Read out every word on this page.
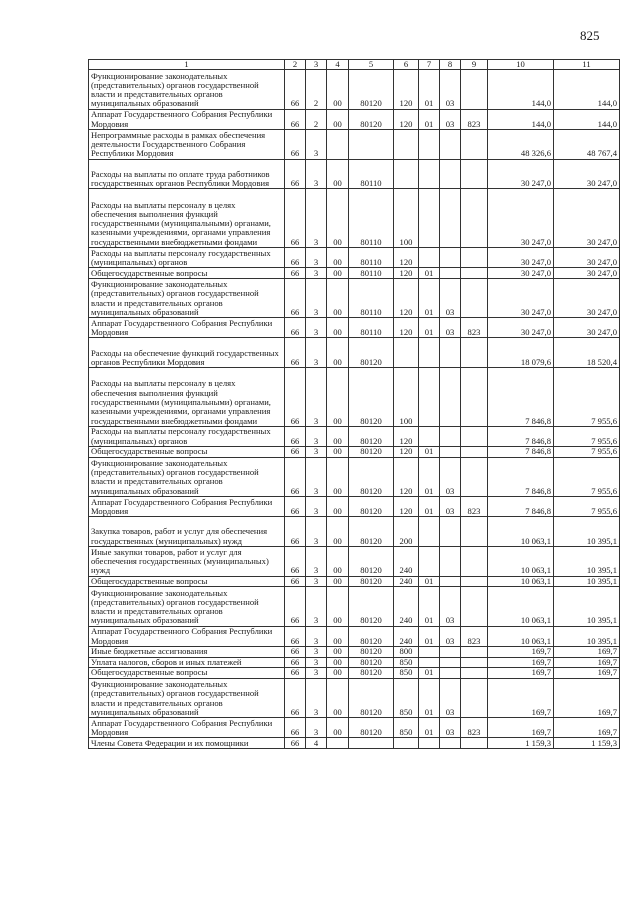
825
1	2	3	4	5	6	7	8	9	10	11
Функционирование законодательных (представительных) органов государственной власти и представительных органов муниципальных образований	66	2	00	80120	120	01	03		144,0	144,0
Аппарат Государственного Собрания Республики Мордовия	66	2	00	80120	120	01	03	823	144,0	144,0
Непрограммные расходы в рамках обеспечения деятельности Государственного Собрания Республики Мордовия	66	3							48 326,6	48 767,4
Расходы на выплаты по оплате труда работников государственных органов Республики Мордовия	66	3	00	80110					30 247,0	30 247,0
Расходы на выплаты персоналу в целях обеспечения выполнения функций государственными (муниципальными) органами, казенными учреждениями, органами управления государственными внебюджетными фондами	66	3	00	80110	100				30 247,0	30 247,0
Расходы на выплаты персоналу государственных (муниципальных) органов	66	3	00	80110	120				30 247,0	30 247,0
Общегосударственные вопросы	66	3	00	80110	120	01			30 247,0	30 247,0
Функционирование законодательных (представительных) органов государственной власти и представительных органов муниципальных образований	66	3	00	80110	120	01	03		30 247,0	30 247,0
Аппарат Государственного Собрания Республики Мордовия	66	3	00	80110	120	01	03	823	30 247,0	30 247,0
Расходы на обеспечение функций государственных органов Республики Мордовия	66	3	00	80120					18 079,6	18 520,4
Расходы на выплаты персоналу в целях обеспечения выполнения функций государственными (муниципальными) органами, казенными учреждениями, органами управления государственными внебюджетными фондами	66	3	00	80120	100				7 846,8	7 955,6
Расходы на выплаты персоналу государственных (муниципальных) органов	66	3	00	80120	120				7 846,8	7 955,6
Общегосударственные вопросы	66	3	00	80120	120	01			7 846,8	7 955,6
Функционирование законодательных (представительных) органов государственной власти и представительных органов муниципальных образований	66	3	00	80120	120	01	03		7 846,8	7 955,6
Аппарат Государственного Собрания Республики Мордовия	66	3	00	80120	120	01	03	823	7 846,8	7 955,6
Закупка товаров, работ и услуг для обеспечения государственных (муниципальных) нужд	66	3	00	80120	200				10 063,1	10 395,1
Иные закупки товаров, работ и услуг для обеспечения государственных (муниципальных) нужд	66	3	00	80120	240				10 063,1	10 395,1
Общегосударственные вопросы	66	3	00	80120	240	01			10 063,1	10 395,1
Функционирование законодательных (представительных) органов государственной власти и представительных органов муниципальных образований	66	3	00	80120	240	01	03		10 063,1	10 395,1
Аппарат Государственного Собрания Республики Мордовия	66	3	00	80120	240	01	03	823	10 063,1	10 395,1
Иные бюджетные ассигнования	66	3	00	80120	800				169,7	169,7
Уплата налогов, сборов и иных платежей	66	3	00	80120	850				169,7	169,7
Общегосударственные вопросы	66	3	00	80120	850	01			169,7	169,7
Функционирование законодательных (представительных) органов государственной власти и представительных органов муниципальных образований	66	3	00	80120	850	01	03		169,7	169,7
Аппарат Государственного Собрания Республики Мордовия	66	3	00	80120	850	01	03	823	169,7	169,7
Члены Совета Федерации и их помощники	66	4							1 159,3	1 159,3
